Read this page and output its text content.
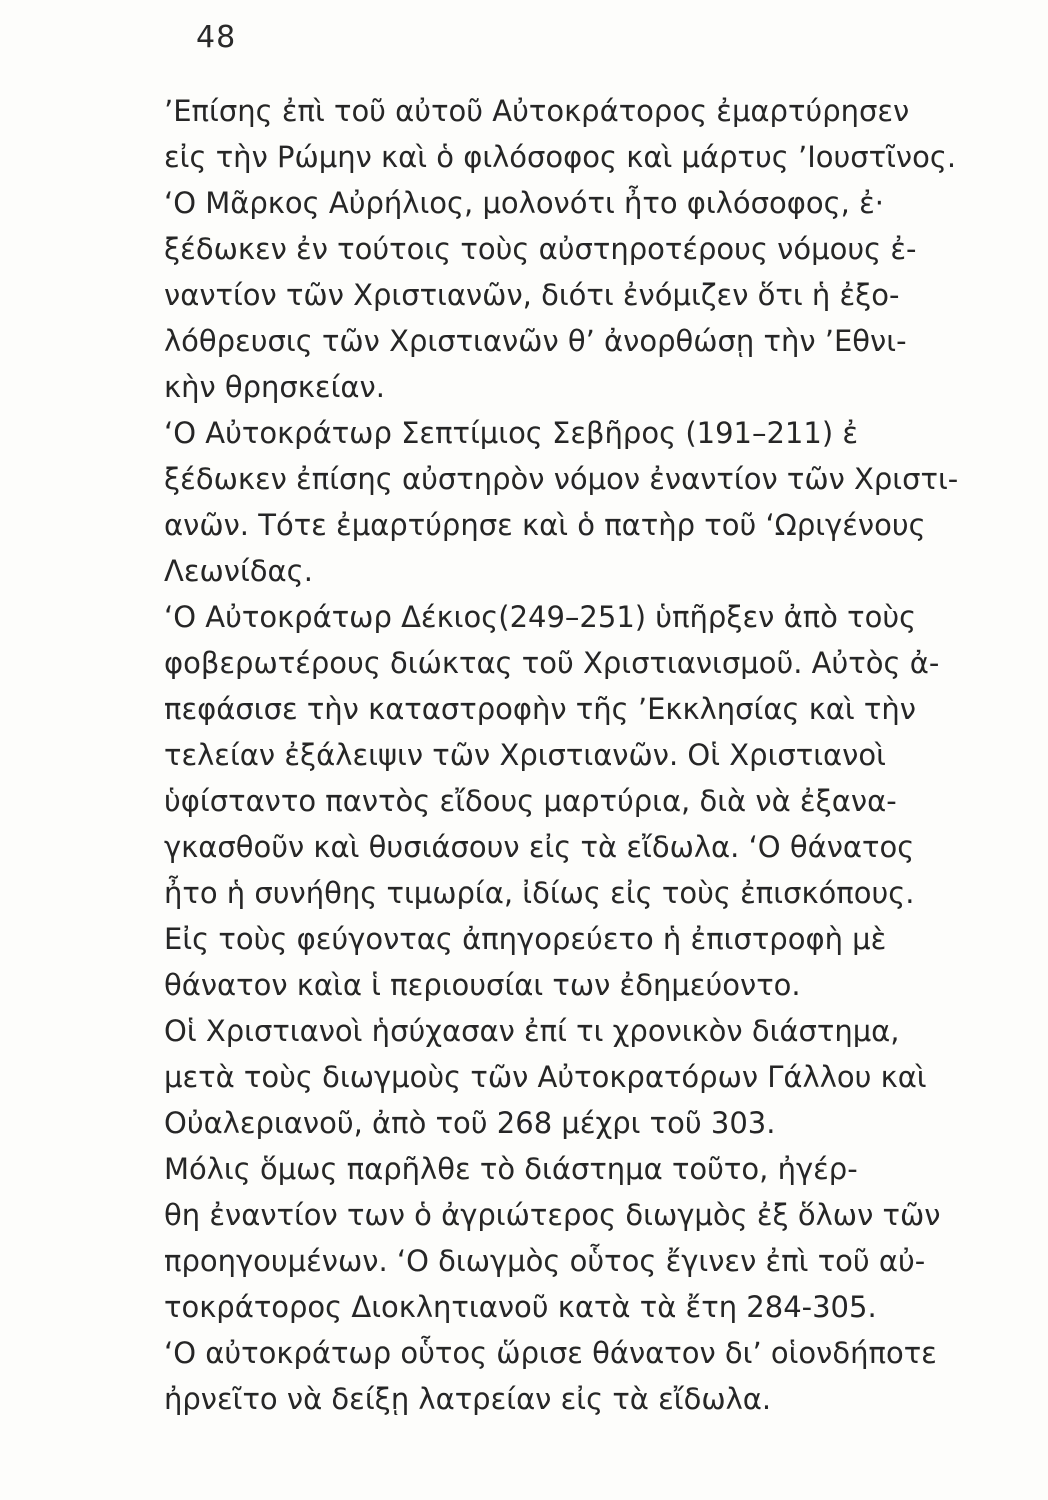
48
’Επίσης ἐπὶ τοῦ αὐτοῦ Αὐτοκράτορος ἐμαρτύρησεν
εἰς τὴν Ρώμην καὶ ὁ φιλόσοφος καὶ μάρτυς ’Ιουστῖνος.
‘Ο Μᾶρκος Αὐρήλιος, μολονότι ἦτο φιλόσοφος, ἐ·
ξέδωκεν ἐν τούτοις τοὺς αὐστηροτέρους νόμους ἐ-
ναντίον τῶν Χριστιανῶν, διότι ἐνόμιζεν ὅτι ἡ ἐξο-
λόθρευσις τῶν Χριστιανῶν θ’ ἀνορθώσῃ τὴν ’Εθνι-
κὴν θρησκείαν.
‘Ο Αὐτοκράτωρ Σεπτίμιος Σεβῆρος (191–211) ἐ
ξέδωκεν ἐπίσης αὐστηρὸν νόμον ἐναντίον τῶν Χριστι-
ανῶν. Τότε ἐμαρτύρησε καὶ ὁ πατὴρ τοῦ ‘Ωριγένους
Λεωνίδας.
‘Ο Αὐτοκράτωρ Δέκιος(249–251) ὑπῆρξεν ἀπὸ τοὺς
φοβερωτέρους διώκτας τοῦ Χριστιανισμοῦ. Αὐτὸς ἀ-
πεφάσισε τὴν καταστροφὴν τῆς ’Εκκλησίας καὶ τὴν
τελείαν ἐξάλειψιν τῶν Χριστιανῶν. Οἱ Χριστιανοὶ
ὑφίσταντο παντὸς εἴδους μαρτύρια, διὰ νὰ ἐξανα-
γκασθοῦν καὶ θυσιάσουν εἰς τὰ εἴδωλα. ‘Ο θάνατος
ἦτο ἡ συνήθης τιμωρία, ἰδίως εἰς τοὺς ἐπισκόπους.
Εἰς τοὺς φεύγοντας ἀπηγορεύετο ἡ ἐπιστροφὴ μὲ
θάνατον καὶα ἱ περιουσίαι των ἐδημεύοντο.
Οἱ Χριστιανοὶ ἡσύχασαν ἐπί τι χρονικὸν διάστημα,
μετὰ τοὺς διωγμοὺς τῶν Αὐτοκρατόρων Γάλλου καὶ
Οὐαλεριανοῦ, ἀπὸ τοῦ 268 μέχρι τοῦ 303.
Μόλις ὅμως παρῆλθε τὸ διάστημα τοῦτο, ἠγέρ-
θη ἐναντίον των ὁ ἀγριώτερος διωγμὸς ἐξ ὅλων τῶν
προηγουμένων. ‘Ο διωγμὸς οὗτος ἔγινεν ἐπὶ τοῦ αὐ-
τοκράτορος Διοκλητιανοῦ κατὰ τὰ ἔτη 284-305.
‘Ο αὐτοκράτωρ οὗτος ὥρισε θάνατον δι’ οἱονδήποτε
ἠρνεῖτο νὰ δείξῃ λατρείαν εἰς τὰ εἴδωλα.
